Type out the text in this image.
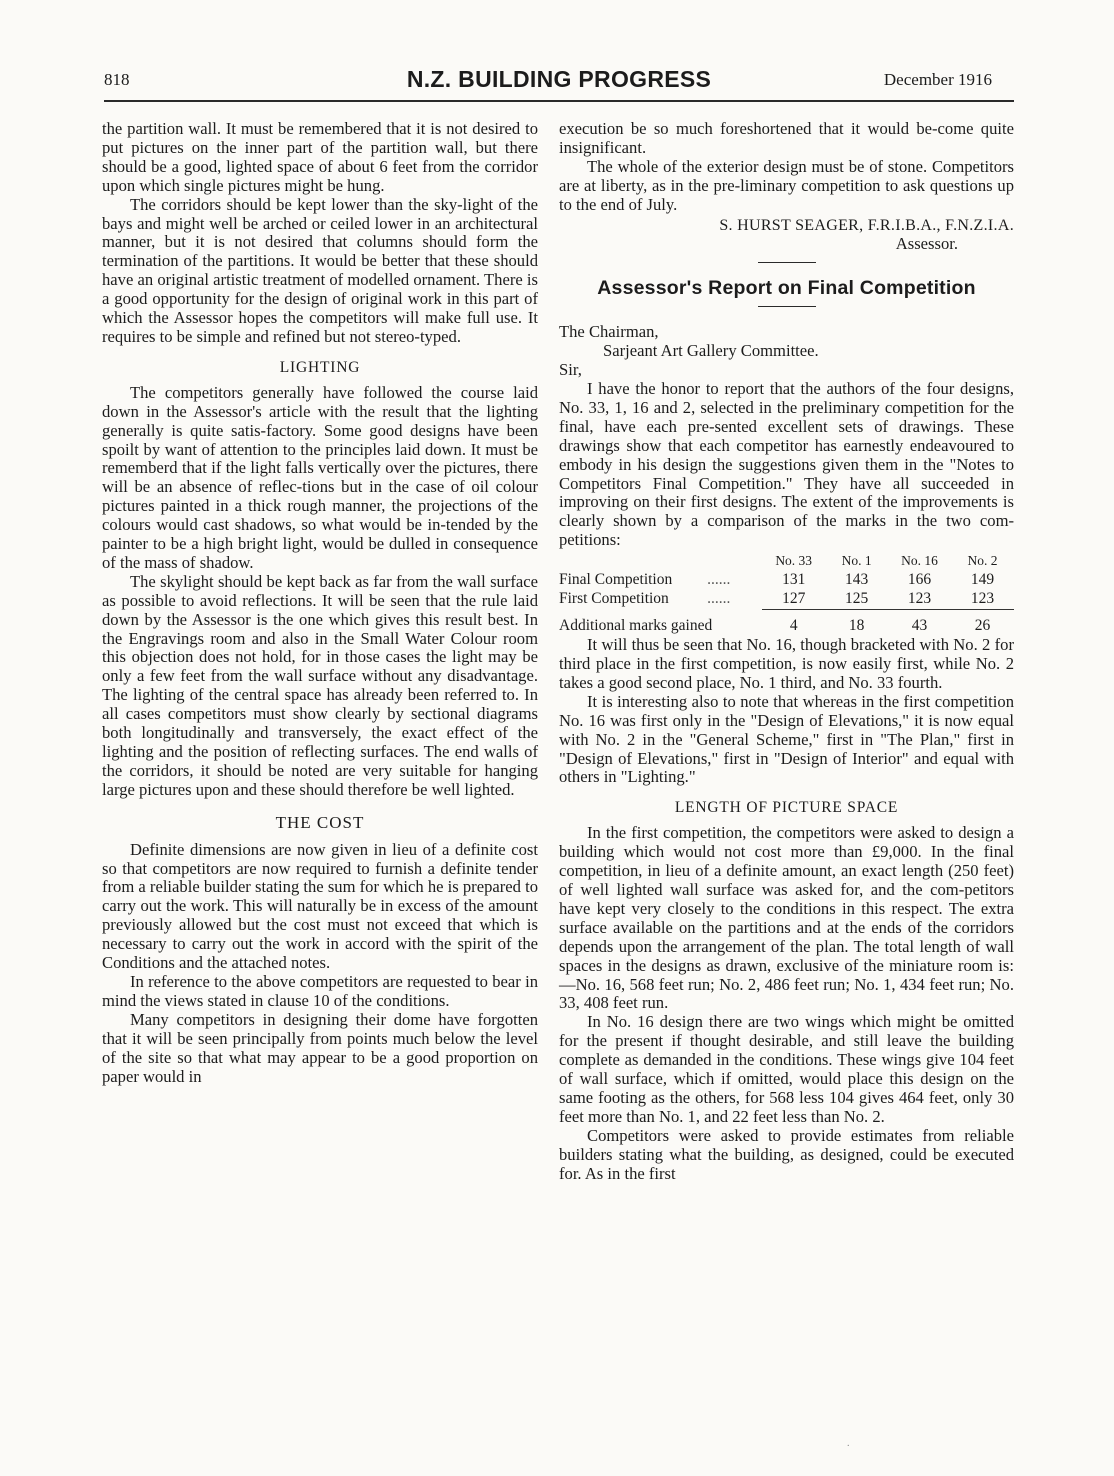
818	N.Z. BUILDING PROGRESS	December 1916

the partition wall. It must be remembered that it is not desired to put pictures on the inner part of the partition wall, but there should be a good, lighted space of about 6 feet from the corridor upon which single pictures might be hung.

The corridors should be kept lower than the sky-light of the bays and might well be arched or ceiled lower in an architectural manner, but it is not desired that columns should form the termination of the partitions. It would be better that these should have an original artistic treatment of modelled ornament. There is a good opportunity for the design of original work in this part of which the Assessor hopes the competitors will make full use. It requires to be simple and refined but not stereo-typed.

LIGHTING

The competitors generally have followed the course laid down in the Assessor's article with the result that the lighting generally is quite satis-factory. Some good designs have been spoilt by want of attention to the principles laid down. It must be rememberd that if the light falls vertically over the pictures, there will be an absence of reflec-tions but in the case of oil colour pictures painted in a thick rough manner, the projections of the colours would cast shadows, so what would be in-tended by the painter to be a high bright light, would be dulled in consequence of the mass of shadow.

The skylight should be kept back as far from the wall surface as possible to avoid reflections. It will be seen that the rule laid down by the Assessor is the one which gives this result best. In the Engravings room and also in the Small Water Colour room this objection does not hold, for in those cases the light may be only a few feet from the wall surface without any disadvantage. The lighting of the central space has already been referred to. In all cases competitors must show clearly by sectional diagrams both longitudinally and transversely, the exact effect of the lighting and the position of reflecting surfaces. The end walls of the corridors, it should be noted are very suitable for hanging large pictures upon and these should therefore be well lighted.

THE COST

Definite dimensions are now given in lieu of a definite cost so that competitors are now required to furnish a definite tender from a reliable builder stating the sum for which he is prepared to carry out the work. This will naturally be in excess of the amount previously allowed but the cost must not exceed that which is necessary to carry out the work in accord with the spirit of the Conditions and the attached notes.

In reference to the above competitors are requested to bear in mind the views stated in clause 10 of the conditions.

Many competitors in designing their dome have forgotten that it will be seen principally from points much below the level of the site so that what may appear to be a good proportion on paper would in

execution be so much foreshortened that it would be-come quite insignificant.

The whole of the exterior design must be of stone. Competitors are at liberty, as in the pre-liminary competition to ask questions up to the end of July.

S. HURST SEAGER, F.R.I.B.A., F.N.Z.I.A.

Assessor.

Assessor's Report on Final Competition

The Chairman,

Sarjeant Art Gallery Committee.

Sir,

I have the honor to report that the authors of the four designs, No. 33, 1, 16 and 2, selected in the preliminary competition for the final, have each pre-sented excellent sets of drawings. These drawings show that each competitor has earnestly endeavoured to embody in his design the suggestions given them in the "Notes to Competitors Final Competition." They have all succeeded in improving on their first designs. The extent of the improvements is clearly shown by a comparison of the marks in the two com-petitions:

		No. 33	No. 1	No. 16	No. 2
Final Competition	......	131	143	166	149
First Competition	......	127	125	123	123

Additional marks gained		4	18	43	26

It will thus be seen that No. 16, though bracketed with No. 2 for third place in the first competition, is now easily first, while No. 2 takes a good second place, No. 1 third, and No. 33 fourth.

It is interesting also to note that whereas in the first competition No. 16 was first only in the "Design of Elevations," it is now equal with No. 2 in the "General Scheme," first in "The Plan," first in "Design of Elevations," first in "Design of Interior" and equal with others in "Lighting."

LENGTH OF PICTURE SPACE

In the first competition, the competitors were asked to design a building which would not cost more than £9,000. In the final competition, in lieu of a definite amount, an exact length (250 feet) of well lighted wall surface was asked for, and the com-petitors have kept very closely to the conditions in this respect. The extra surface available on the partitions and at the ends of the corridors depends upon the arrangement of the plan. The total length of wall spaces in the designs as drawn, exclusive of the miniature room is:—No. 16, 568 feet run; No. 2, 486 feet run; No. 1, 434 feet run; No. 33, 408 feet run.

In No. 16 design there are two wings which might be omitted for the present if thought desirable, and still leave the building complete as demanded in the conditions. These wings give 104 feet of wall surface, which if omitted, would place this design on the same footing as the others, for 568 less 104 gives 464 feet, only 30 feet more than No. 1, and 22 feet less than No. 2.

Competitors were asked to provide estimates from reliable builders stating what the building, as designed, could be executed for. As in the first

.
